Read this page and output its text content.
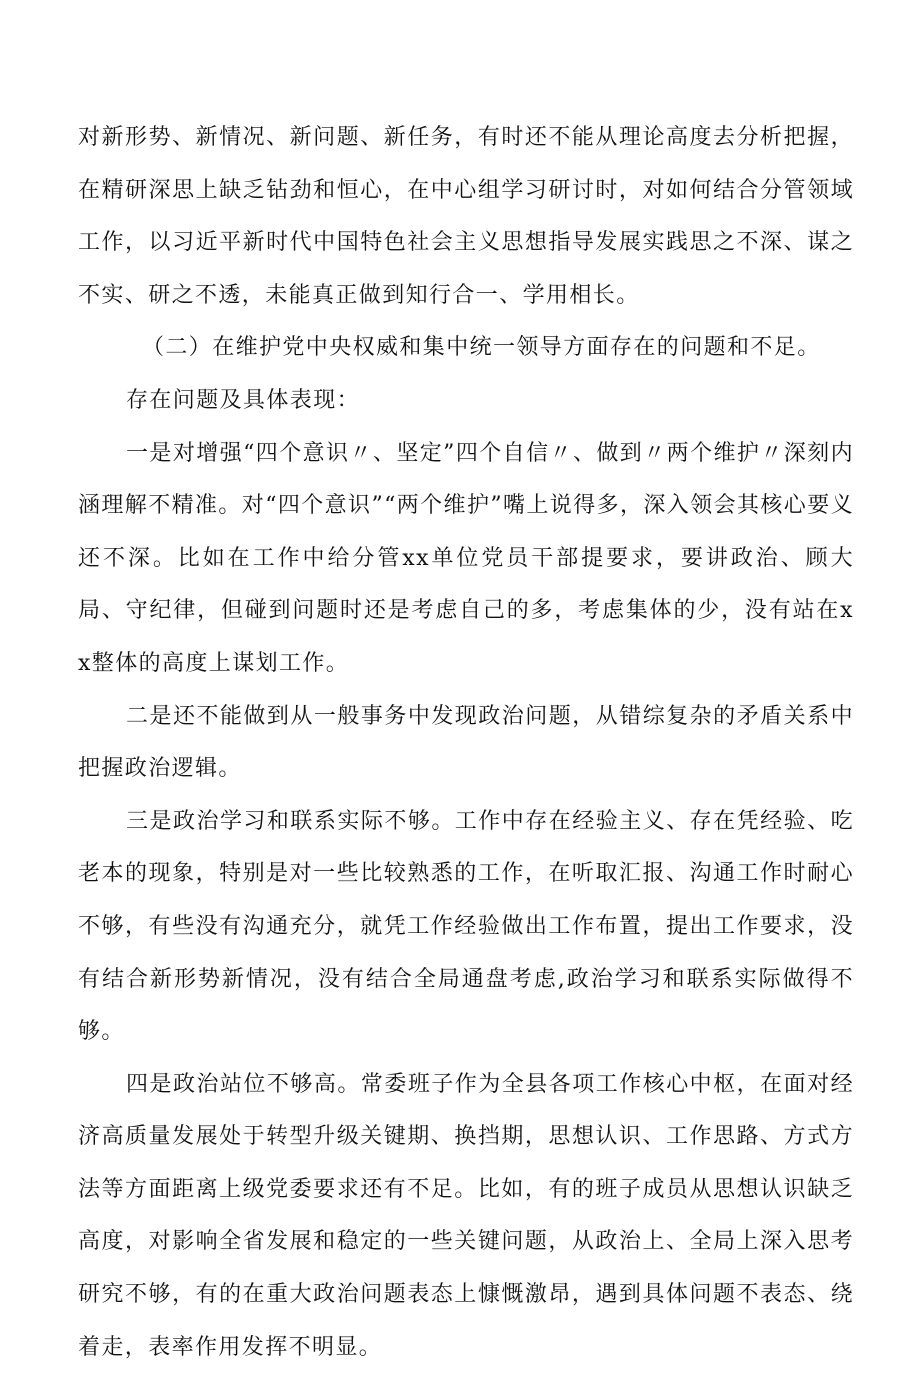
对新形势、新情况、新问题、新任务，有时还不能从理论高度去分析把握，在精研深思上缺乏钻劲和恒心，在中心组学习研讨时，对如何结合分管领域工作，以习近平新时代中国特色社会主义思想指导发展实践思之不深、谋之不实、研之不透，未能真正做到知行合一、学用相长。

（二）在维护党中央权威和集中统一领导方面存在的问题和不足。

存在问题及具体表现：

一是对增强“四个意识〃、坚定”四个自信〃、做到〃两个维护〃深刻内涵理解不精准。对“四个意识”“两个维护”嘴上说得多，深入领会其核心要义还不深。比如在工作中给分管xx单位党员干部提要求，要讲政治、顾大局、守纪律，但碰到问题时还是考虑自己的多，考虑集体的少，没有站在xx整体的高度上谋划工作。

二是还不能做到从一般事务中发现政治问题，从错综复杂的矛盾关系中把握政治逻辑。

三是政治学习和联系实际不够。工作中存在经验主义、存在凭经验、吃老本的现象，特别是对一些比较熟悉的工作，在听取汇报、沟通工作时耐心不够，有些没有沟通充分，就凭工作经验做出工作布置，提出工作要求，没有结合新形势新情况，没有结合全局通盘考虑,政治学习和联系实际做得不够。

四是政治站位不够高。常委班子作为全县各项工作核心中枢，在面对经济高质量发展处于转型升级关键期、换挡期，思想认识、工作思路、方式方法等方面距离上级党委要求还有不足。比如，有的班子成员从思想认识缺乏高度，对影响全省发展和稳定的一些关键问题，从政治上、全局上深入思考研究不够，有的在重大政治问题表态上慷慨激昂，遇到具体问题不表态、绕着走，表率作用发挥不明显。
